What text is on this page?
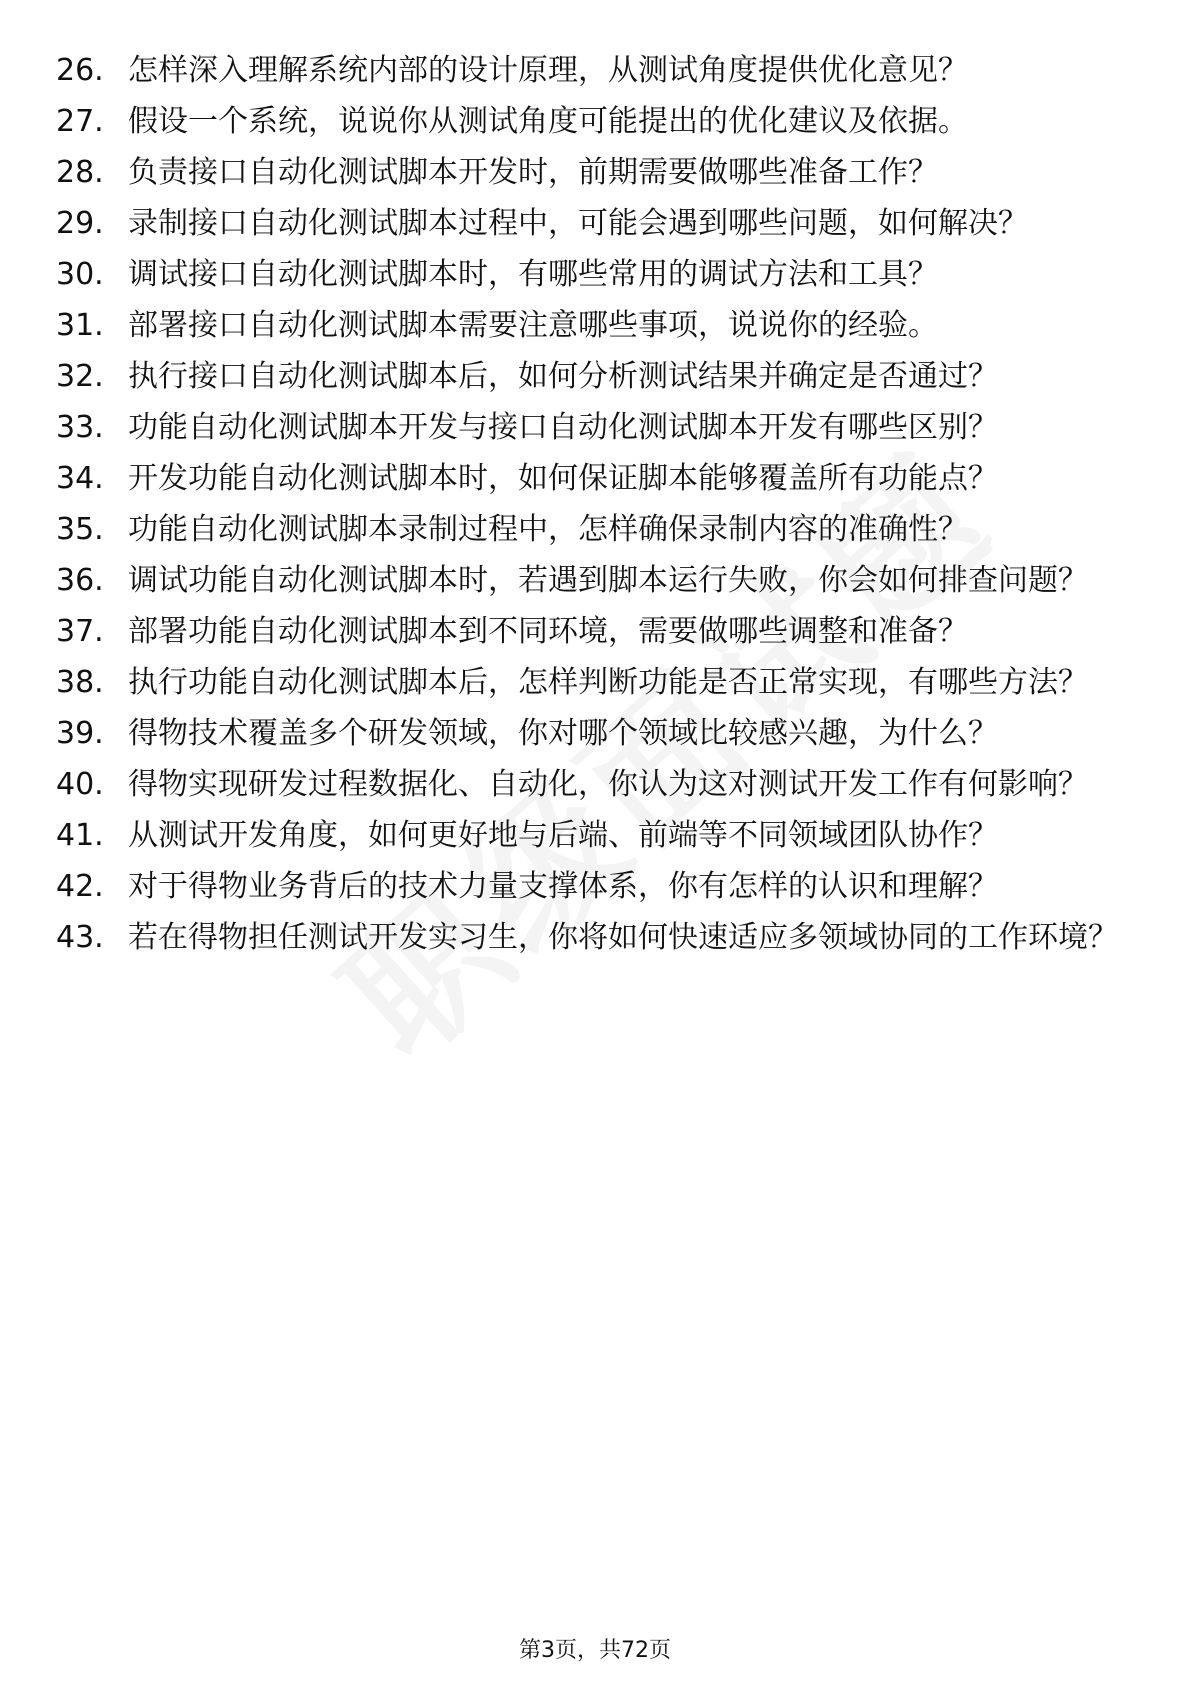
26. 怎样深入理解系统内部的设计原理，从测试角度提供优化意见？
27. 假设一个系统，说说你从测试角度可能提出的优化建议及依据。
28. 负责接口自动化测试脚本开发时，前期需要做哪些准备工作？
29. 录制接口自动化测试脚本过程中，可能会遇到哪些问题，如何解决？
30. 调试接口自动化测试脚本时，有哪些常用的调试方法和工具？
31. 部署接口自动化测试脚本需要注意哪些事项，说说你的经验。
32. 执行接口自动化测试脚本后，如何分析测试结果并确定是否通过？
33. 功能自动化测试脚本开发与接口自动化测试脚本开发有哪些区别？
34. 开发功能自动化测试脚本时，如何保证脚本能够覆盖所有功能点？
35. 功能自动化测试脚本录制过程中，怎样确保录制内容的准确性？
36. 调试功能自动化测试脚本时，若遇到脚本运行失败，你会如何排查问题？
37. 部署功能自动化测试脚本到不同环境，需要做哪些调整和准备？
38. 执行功能自动化测试脚本后，怎样判断功能是否正常实现，有哪些方法？
39. 得物技术覆盖多个研发领域，你对哪个领域比较感兴趣，为什么？
40. 得物实现研发过程数据化、自动化，你认为这对测试开发工作有何影响？
41. 从测试开发角度，如何更好地与后端、前端等不同领域团队协作？
42. 对于得物业务背后的技术力量支撑体系，你有怎样的认识和理解？
43. 若在得物担任测试开发实习生，你将如何快速适应多领域协同的工作环境？
第3页，共72页
